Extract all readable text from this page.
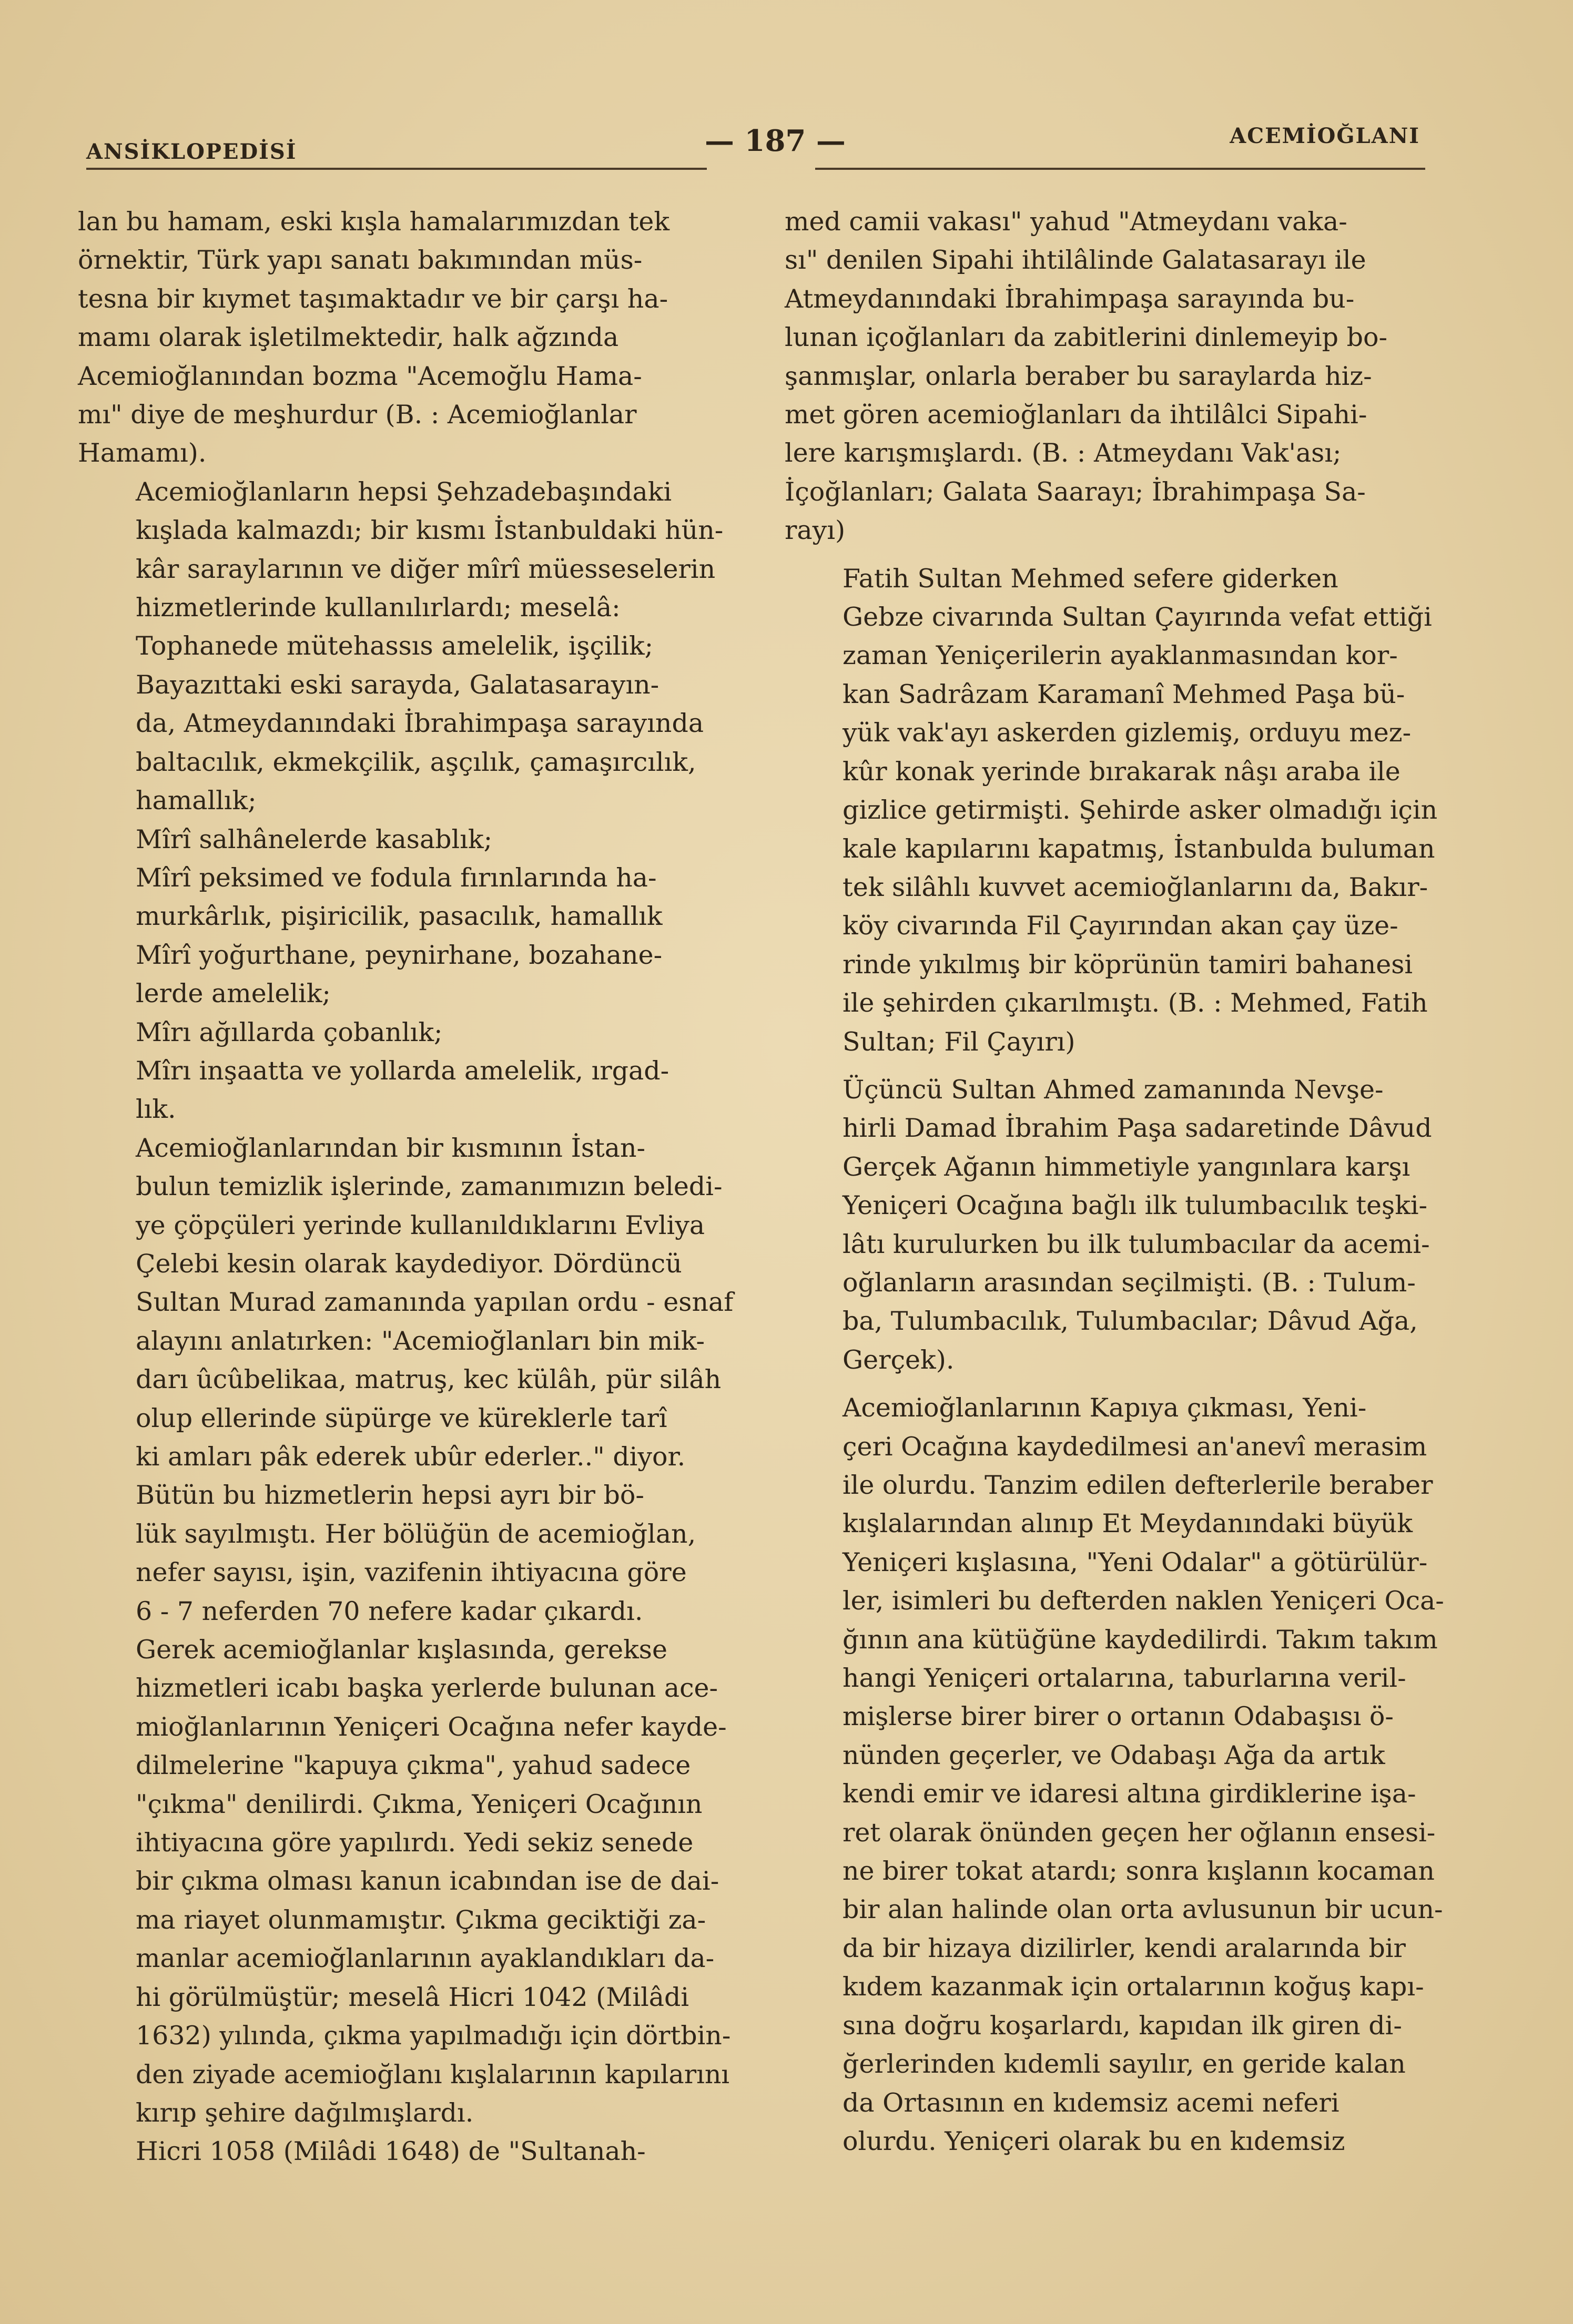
ANSİKLOPEDİSİ	— 187 —	ACEMİOĞLANI

lan bu hamam, eski kışla hamalarımızdan tek
örnektir, Türk yapı sanatı bakımından müs-
tesna bir kıymet taşımaktadır ve bir çarşı ha-
mamı olarak işletilmektedir, halk ağzında
Acemioğlanından bozma "Acemoğlu Hama-
mı" diye de meşhurdur (B. : Acemioğlanlar
Hamamı).

Acemioğlanların hepsi Şehzadebaşındaki
kışlada kalmazdı; bir kısmı İstanbuldaki hün-
kâr saraylarının ve diğer mîrî müesseselerin
hizmetlerinde kullanılırlardı; meselâ:

Tophanede mütehassıs amelelik, işçilik;

Bayazıttaki eski sarayda, Galatasarayın-
da, Atmeydanındaki İbrahimpaşa sarayında
baltacılık, ekmekçilik, aşçılık, çamaşırcılık,
hamallık;

Mîrî salhânelerde kasablık;

Mîrî peksimed ve fodula fırınlarında ha-
murkârlık, pişiricilik, pasacılık, hamallık

Mîrî yoğurthane, peynirhane, bozahane-
lerde amelelik;

Mîrı ağıllarda çobanlık;

Mîrı inşaatta ve yollarda amelelik, ırgad-
lık.

Acemioğlanlarından bir kısmının İstan-
bulun temizlik işlerinde, zamanımızın beledi-
ye çöpçüleri yerinde kullanıldıklarını Evliya
Çelebi kesin olarak kaydediyor. Dördüncü
Sultan Murad zamanında yapılan ordu - esnaf
alayını anlatırken: "Acemioğlanları bin mik-
darı ûcûbelikaa, matruş, kec külâh, pür silâh
olup ellerinde süpürge ve küreklerle tarî
ki amları pâk ederek ubûr ederler.." diyor.

Bütün bu hizmetlerin hepsi ayrı bir bö-
lük sayılmıştı. Her bölüğün de acemioğlan,
nefer sayısı, işin, vazifenin ihtiyacına göre
6 - 7 neferden 70 nefere kadar çıkardı.

Gerek acemioğlanlar kışlasında, gerekse
hizmetleri icabı başka yerlerde bulunan ace-
mioğlanlarının Yeniçeri Ocağına nefer kayde-
dilmelerine "kapuya çıkma", yahud sadece
"çıkma" denilirdi. Çıkma, Yeniçeri Ocağının
ihtiyacına göre yapılırdı. Yedi sekiz senede
bir çıkma olması kanun icabından ise de dai-
ma riayet olunmamıştır. Çıkma geciktiği za-
manlar acemioğlanlarının ayaklandıkları da-
hi görülmüştür; meselâ Hicri 1042 (Milâdi
1632) yılında, çıkma yapılmadığı için dörtbin-
den ziyade acemioğlanı kışlalarının kapılarını
kırıp şehire dağılmışlardı.

Hicri 1058 (Milâdi 1648) de "Sultanah-

med camii vakası" yahud "Atmeydanı vaka-
sı" denilen Sipahi ihtilâlinde Galatasarayı ile
Atmeydanındaki İbrahimpaşa sarayında bu-
lunan içoğlanları da zabitlerini dinlemeyip bo-
şanmışlar, onlarla beraber bu saraylarda hiz-
met gören acemioğlanları da ihtilâlci Sipahi-
lere karışmışlardı. (B. : Atmeydanı Vak'ası;
İçoğlanları; Galata Saarayı; İbrahimpaşa Sa-
rayı)

Fatih Sultan Mehmed sefere giderken
Gebze civarında Sultan Çayırında vefat ettiği
zaman Yeniçerilerin ayaklanmasından kor-
kan Sadrâzam Karamanî Mehmed Paşa bü-
yük vak'ayı askerden gizlemiş, orduyu mez-
kûr konak yerinde bırakarak nâşı araba ile
gizlice getirmişti. Şehirde asker olmadığı için
kale kapılarını kapatmış, İstanbulda buluman
tek silâhlı kuvvet acemioğlanlarını da, Bakır-
köy civarında Fil Çayırından akan çay üze-
rinde yıkılmış bir köprünün tamiri bahanesi
ile şehirden çıkarılmıştı. (B. : Mehmed, Fatih
Sultan; Fil Çayırı)

Üçüncü Sultan Ahmed zamanında Nevşe-
hirli Damad İbrahim Paşa sadaretinde Dâvud
Gerçek Ağanın himmetiyle yangınlara karşı
Yeniçeri Ocağına bağlı ilk tulumbacılık teşki-
lâtı kurulurken bu ilk tulumbacılar da acemi-
oğlanların arasından seçilmişti. (B. : Tulum-
ba, Tulumbacılık, Tulumbacılar; Dâvud Ağa,
Gerçek).

Acemioğlanlarının Kapıya çıkması, Yeni-
çeri Ocağına kaydedilmesi an'anevî merasim
ile olurdu. Tanzim edilen defterlerile beraber
kışlalarından alınıp Et Meydanındaki büyük
Yeniçeri kışlasına, "Yeni Odalar" a götürülür-
ler, isimleri bu defterden naklen Yeniçeri Oca-
ğının ana kütüğüne kaydedilirdi. Takım takım
hangi Yeniçeri ortalarına, taburlarına veril-
mişlerse birer birer o ortanın Odabaşısı ö-
nünden geçerler, ve Odabaşı Ağa da artık
kendi emir ve idaresi altına girdiklerine işa-
ret olarak önünden geçen her oğlanın ensesi-
ne birer tokat atardı; sonra kışlanın kocaman
bir alan halinde olan orta avlusunun bir ucun-
da bir hizaya dizilirler, kendi aralarında bir
kıdem kazanmak için ortalarının koğuş kapı-
sına doğru koşarlardı, kapıdan ilk giren di-
ğerlerinden kıdemli sayılır, en geride kalan
da Ortasının en kıdemsiz acemi neferi
olurdu. Yeniçeri olarak bu en kıdemsiz
